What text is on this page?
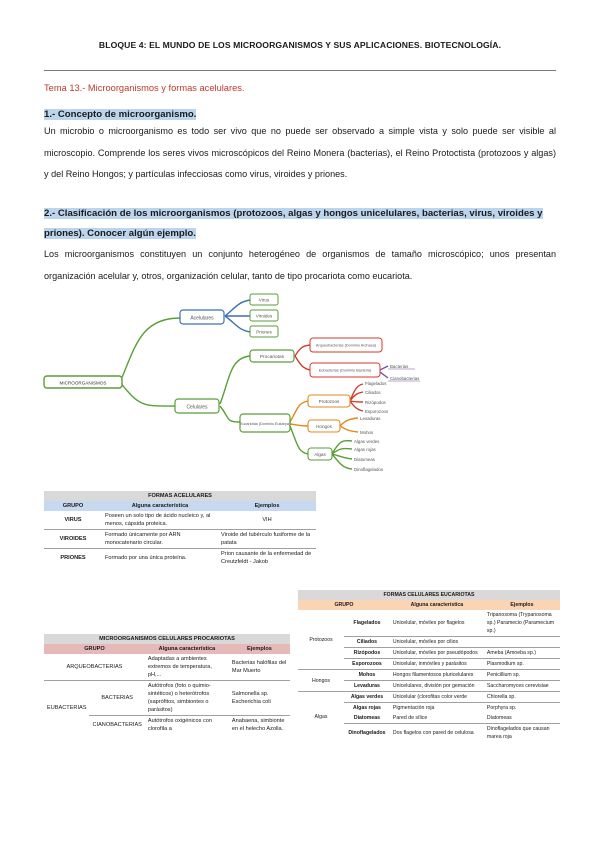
BLOQUE 4: EL MUNDO DE LOS MICROORGANISMOS Y SUS APLICACIONES. BIOTECNOLOGÍA.
Tema 13.- Microorganismos y formas acelulares.
1.- Concepto de microorganismo.
Un microbio o microorganismo es todo ser vivo que no puede ser observado a simple vista y solo puede ser visible al microscopio. Comprende los seres vivos microscópicos del Reino Monera (bacterias), el Reino Protoctista (protozoos y algas) y del Reino Hongos; y partículas infecciosas como virus, viroides y priones.
2.- Clasificación de los microorganismos (protozoos, algas y hongos unicelulares, bacterias, virus, viroides y priones). Conocer algún ejemplo.
Los microorganismos constituyen un conjunto heterogéneo de organismos de tamaño microscópico; unos presentan organización acelular y, otros, organización celular, tanto de tipo procariota como eucariota.
MICROORGANISMOS
Acelulares
Virus
Viroides
Priones
Celulares
Procariotas
Arqueobacterias (Dominio Archaea)
Eubacterias (Dominio Bacteria)
Bacterias
Cianobacterias
Eucariotas (Dominio Eukarya)
Protozoos
Flagelados
Ciliados
Rizópodos
Esporozoos
Hongos
Levaduras
Mohos
Algas
Algas verdes
Algas rojas
Diatomeas
Dinoflagelados
FORMAS ACELULARES		
GRUPO	Alguna característica	Ejemplos
VIRUS	Poseen un solo tipo de ácido nucleico y, al menos, cápsida proteica.	VIH
VIROIDES	Formado únicamente por ARN monocatenario circular.	Viroide del tubérculo fusiforme de la patata
PRIONES	Formado por una única proteína.	Prion causante de la enfermedad de Creutzfeldt - Jakob
MICROORGANISMOS CELULARES PROCARIOTAS			
GRUPO		Alguna característica	Ejemplos
ARQUEOBACTERIAS		Adaptadas a ambientes extremos de temperatura, pH,...	Bacterias halófilas del Mar Muerto
EUBACTERIAS	BACTERIAS	Autótrofos (foto o quimio-sintéticos) o heterótrofos (saprófitos, simbiontes o parásitos)	Salmonella sp. Escherichia coli
	CIANOBACTERIAS	Autótrofos oxigénicos con clorofila a	Anabaena, simbionte en el helecho Azolla.
FORMAS CELULARES EUCARIOTAS			
GRUPO		Alguna característica	Ejemplos
Protozoos	Flagelados	Unicelular, móviles por flagelos	Tripanosoma (Trypanosoma sp.) Paramecio (Paramecium sp.)
	Ciliados	Unicelular, móviles por cilios	
	Rizópodos	Unicelular, móviles por pseudópodos	Ameba (Amoeba sp.)
	Esporozoos	Unicelular, inmóviles y parásitos	Plasmodium sp.
Hongos	Mohos	Hongos filamentosos pluricelulares	Penicillium sp.
	Levaduras	Unicelulares, división por gemación	Saccharomyces cerevisiae
Algas	Algas verdes	Unicelular (clorofitas color verde	Chlorella sp.
	Algas rojas	Pigmentación roja	Porphyra sp.
	Diatomeas	Pared de sílice	Diatomeas
	Dinoflagelados	Dos flagelos con pared de celulosa	Dinoflagelados que causan marea roja
